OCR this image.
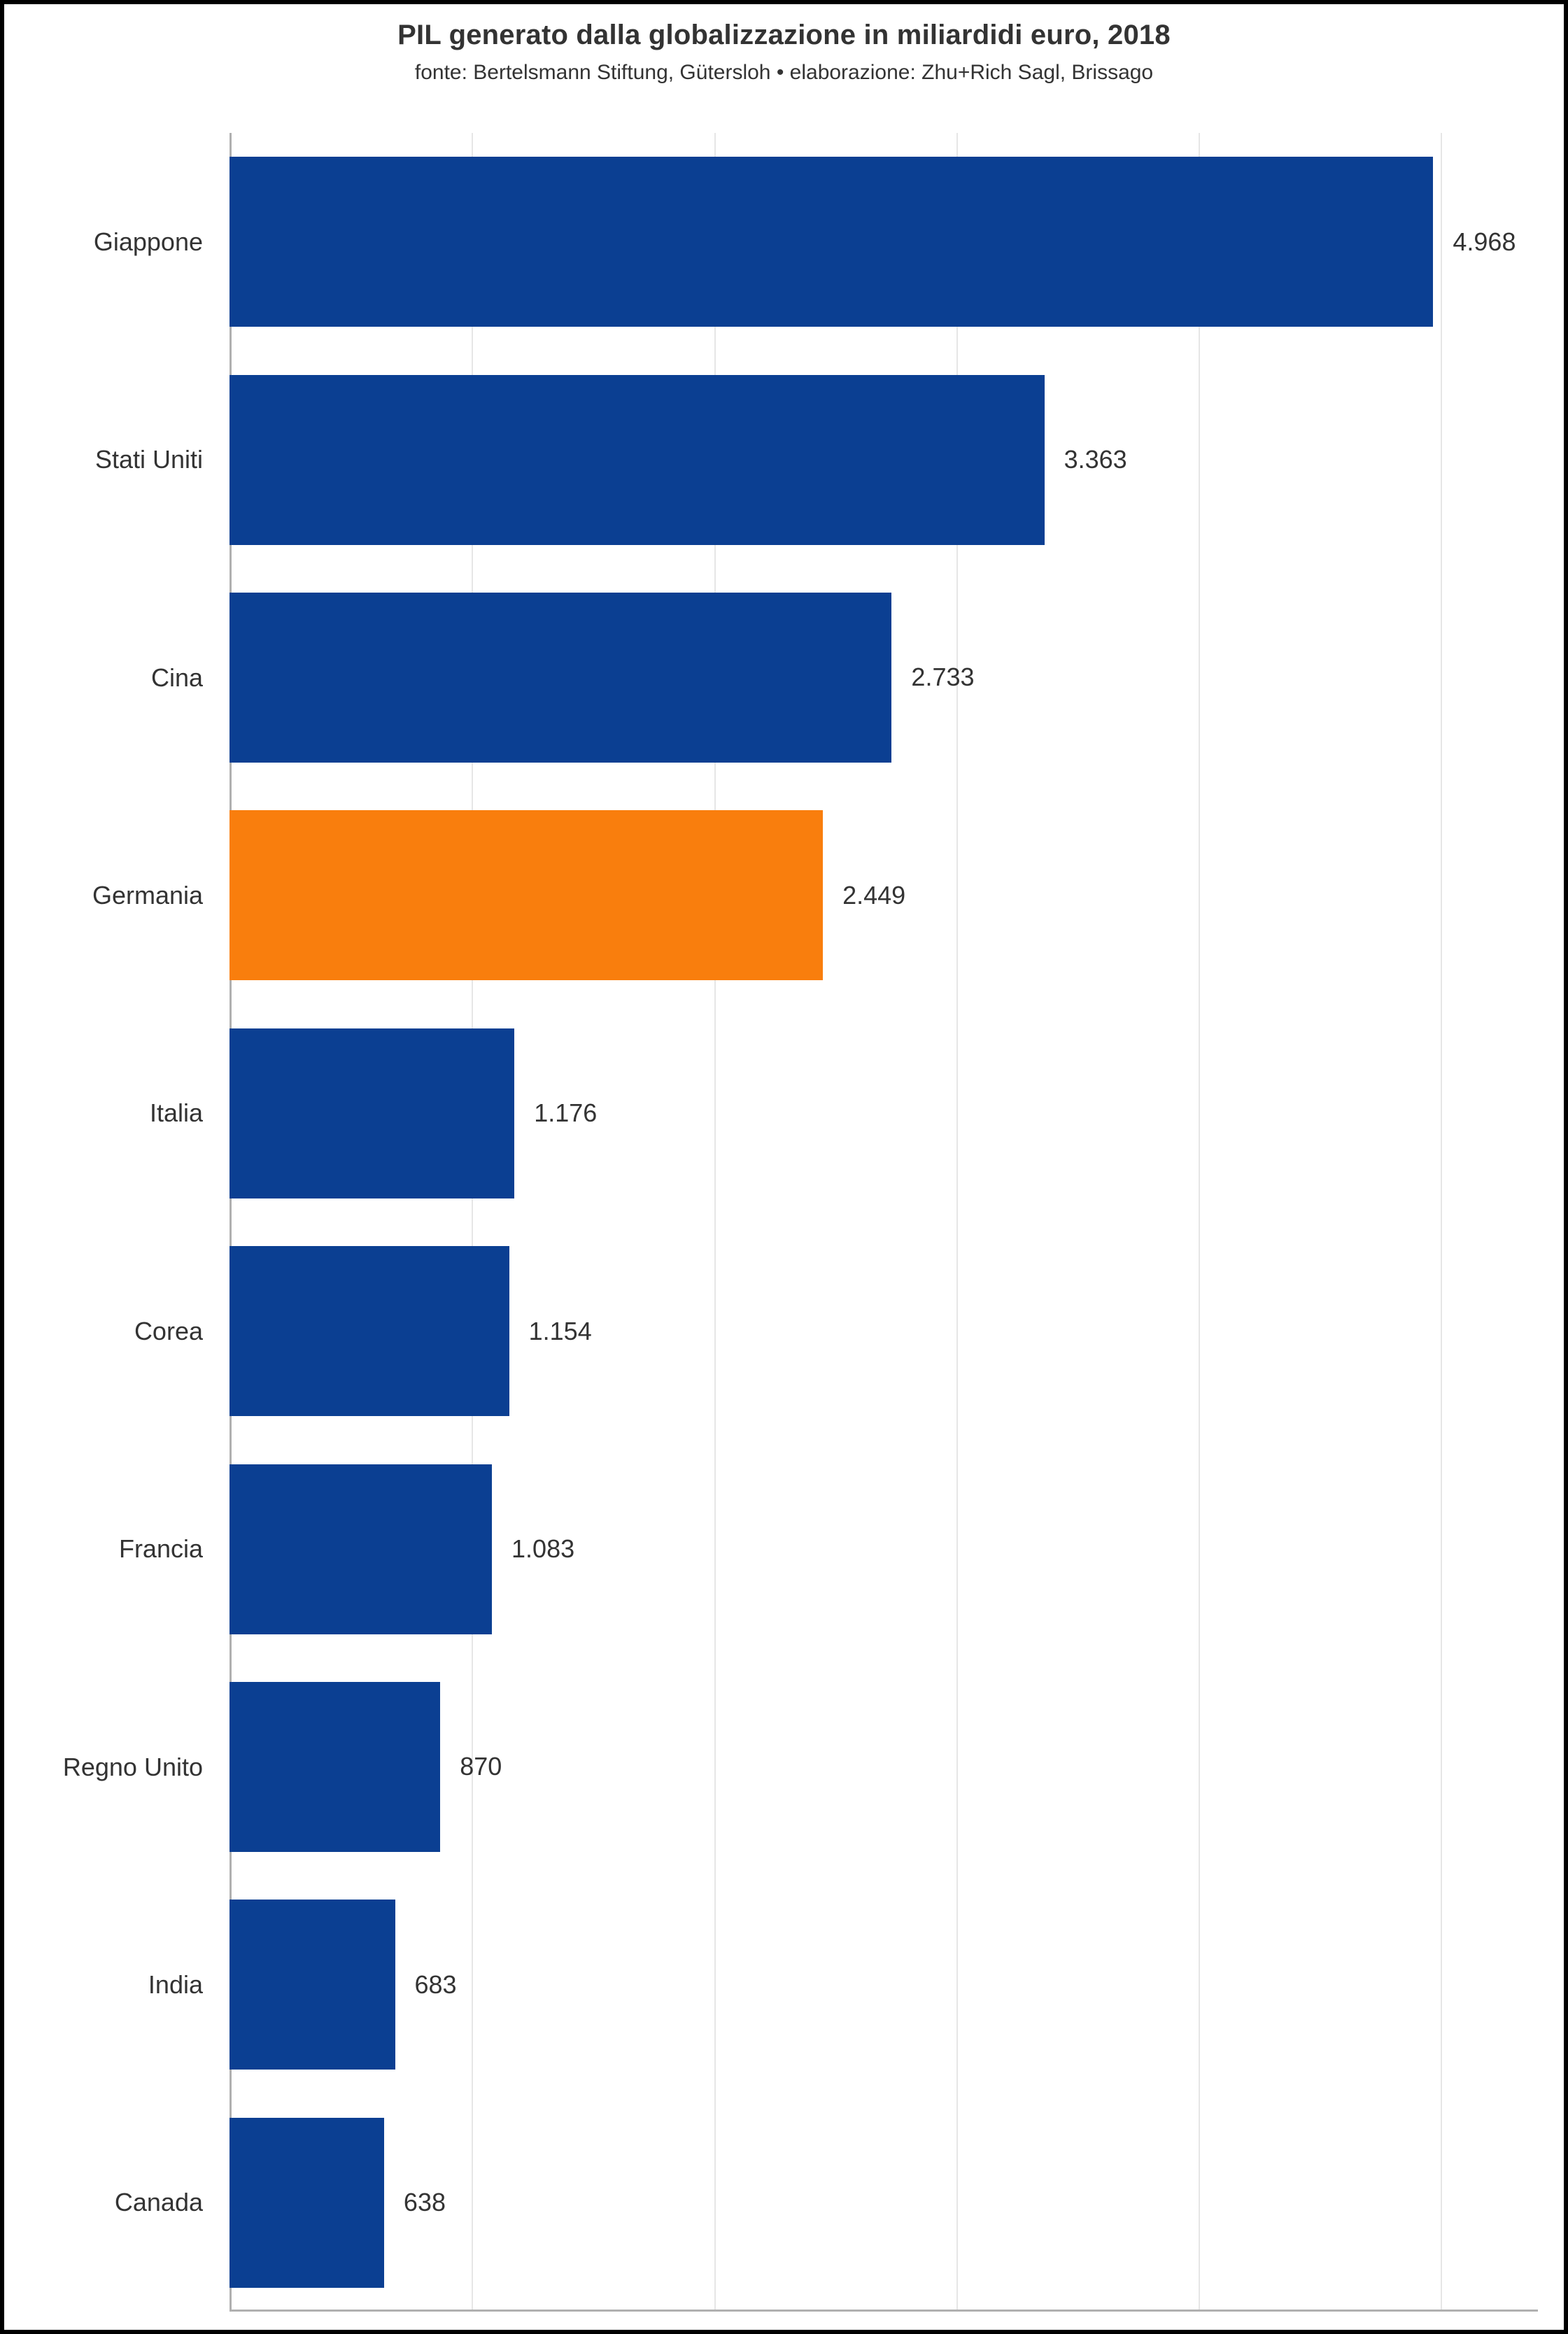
PIL generato dalla globalizzazione in miliardidi euro, 2018
fonte: Bertelsmann Stiftung, Gütersloh • elaborazione: Zhu+Rich Sagl, Brissago
4.968
3.363
2.733
2.449
1.176
1.154
1.083
870
683
638
Giappone
Stati Uniti
Cina
Germania
Italia
Corea
Francia
Regno Unito
India
Canada
